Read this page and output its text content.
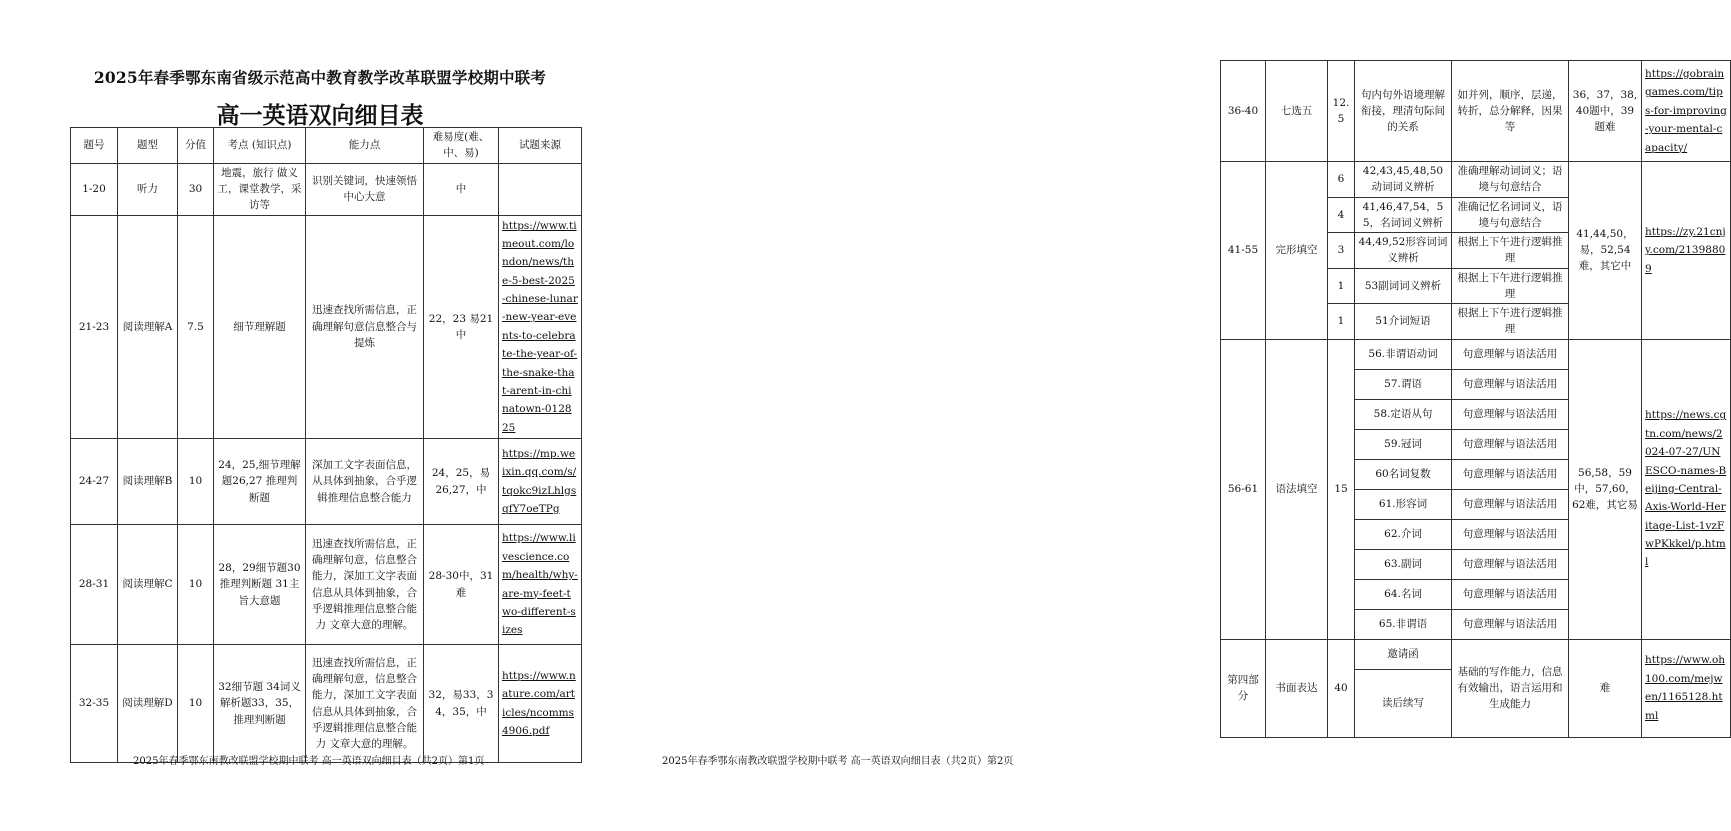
2025年春季鄂东南省级示范高中教育教学改革联盟学校期中联考
高一英语双向细目表
题号	题型	分值	考点 (知识点)	能力点	难易度(难、中、易)	试题来源
1-20	听力	30	地震，旅行 做义工，课堂教学，采访等	识别关键词，快速领悟中心大意	中	
21-23	阅读理解A	7.5	细节理解题	迅速查找所需信息，正确理解句意信息整合与提炼	22，23 易21中	https://www.timeout.com/london/news/the-5-best-2025-chinese-lunar-new-year-events-to-celebrate-the-year-of-the-snake-that-arent-in-chinatown-012825
24-27	阅读理解B	10	24，25,细节理解题26,27 推理判断题	深加工文字表面信息，从具体到抽象，合乎逻辑推理信息整合能力	24，25，易 26,27，中	https://mp.weixin.qq.com/s/tqokc9izLhlgsqfY7oeTPg
28-31	阅读理解C	10	28，29细节题30推理判断题 31主旨大意题	迅速查找所需信息，正确理解句意，信息整合能力，深加工文字表面信息从具体到抽象，合乎逻辑推理信息整合能力 文章大意的理解。	28-30中，31难	https://www.livescience.com/health/why-are-my-feet-two-different-sizes
32-35	阅读理解D	10	32细节题 34词义解析题33，35，推理判断题	迅速查找所需信息，正确理解句意，信息整合能力，深加工文字表面信息从具体到抽象，合乎逻辑推理信息整合能力 文章大意的理解。	32，易33，34，35，中	https://www.nature.com/articles/ncomms4906.pdf
2025年春季鄂东南教改联盟学校期中联考 高一英语双向细目表（共2页）第1页
36-40	七选五	12.5	句内句外语境理解衔接，理清句际间的关系	如并列，顺序，层递，转折，总分解释，因果等	36，37，38,40题中，39题难	https://gobraingames.com/tips-for-improving-your-mental-capacity/
41-55	完形填空	6	42,43,45,48,50动词词义辨析	准确理解动词词义；语境与句意结合	41,44,50，易，52,54难，其它中	https://zy.21cnjy.com/21398809
		4	41,46,47,54，55，名词词义辨析	准确记忆名词词义，语境与句意结合		
		3	44,49,52形容词词义辨析	根据上下午进行逻辑推理		
		1	53副词词义辨析	根据上下午进行逻辑推理		
		1	51介词短语	根据上下午进行逻辑推理		
56-61	语法填空	15	56.非谓语动词	句意理解与语法活用	56,58，59中，57,60，62难，其它易	https://news.cgtn.com/news/2024-07-27/UNESCO-names-Beijing-Central-Axis-World-Heritage-List-1vzFwPKkkel/p.html
			57.谓语	句意理解与语法活用		
			58.定语从句	句意理解与语法活用		
			59.冠词	句意理解与语法活用		
			60名词复数	句意理解与语法活用		
			61.形容词	句意理解与语法活用		
			62.介词	句意理解与语法活用		
			63.副词	句意理解与语法活用		
			64.名词	句意理解与语法活用		
			65.非谓语	句意理解与语法活用		
第四部分	书面表达	40	邀请函	基础的写作能力，信息有效输出，语言运用和生成能力	难	https://www.oh100.com/mejwen/1165128.html
			读后续写			
2025年春季鄂东南教改联盟学校期中联考 高一英语双向细目表（共2页）第2页
